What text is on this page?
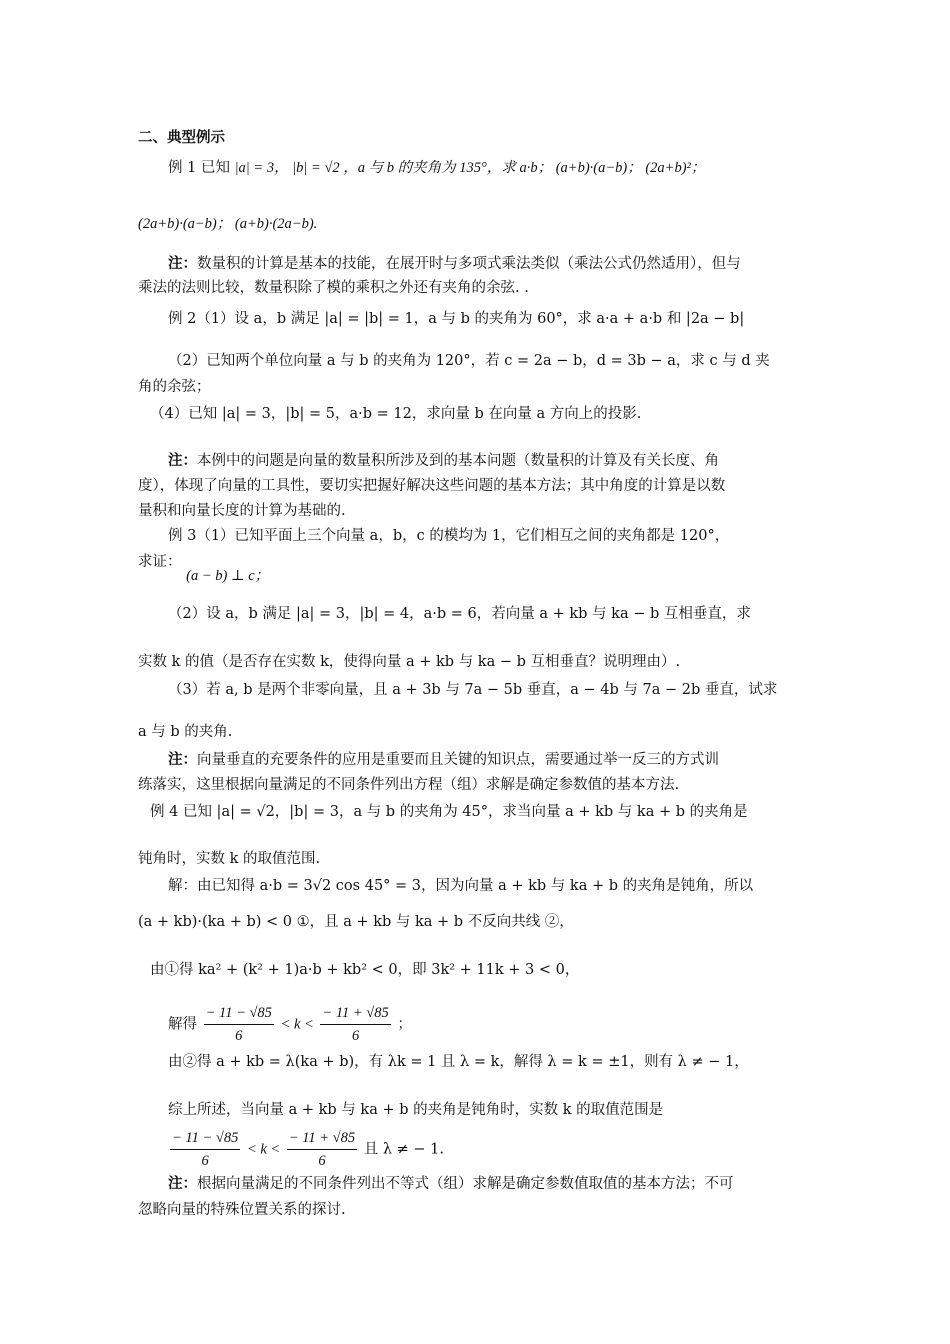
二、典型例示
例 1 已知 |a| = 3， |b| = √2 ，a 与 b 的夹角为 135°，求 a·b； (a+b)·(a−b)； (2a+b)²；
(2a+b)·(a−b)； (a+b)·(2a−b).
注：数量积的计算是基本的技能，在展开时与多项式乘法类似（乘法公式仍然适用），但与
乘法的法则比较，数量积除了模的乘积之外还有夹角的余弦. .
例 2（1）设 a，b 满足 |a| = |b| = 1，a 与 b 的夹角为 60°，求 a·a + a·b 和 |2a − b|
（2）已知两个单位向量 a 与 b 的夹角为 120°，若 c = 2a − b，d = 3b − a，求 c 与 d 夹
角的余弦；
（4）已知 |a| = 3，|b| = 5，a·b = 12，求向量 b 在向量 a 方向上的投影.
注：本例中的问题是向量的数量积所涉及到的基本问题（数量积的计算及有关长度、角
度），体现了向量的工具性，要切实把握好解决这些问题的基本方法；其中角度的计算是以数
量积和向量长度的计算为基础的.
例 3（1）已知平面上三个向量 a，b，c 的模均为 1，它们相互之间的夹角都是 120°，
求证： (a − b) ⊥ c；
（2）设 a，b 满足 |a| = 3，|b| = 4，a·b = 6，若向量 a + kb 与 ka − b 互相垂直，求
实数 k 的值（是否存在实数 k，使得向量 a + kb 与 ka − b 互相垂直？说明理由）.
（3）若 a, b 是两个非零向量，且 a + 3b 与 7a − 5b 垂直，a − 4b 与 7a − 2b 垂直，试求
a 与 b 的夹角.
注：向量垂直的充要条件的应用是重要而且关键的知识点，需要通过举一反三的方式训
练落实，这里根据向量满足的不同条件列出方程（组）求解是确定参数值的基本方法.
例 4 已知 |a| = √2，|b| = 3，a 与 b 的夹角为 45°，求当向量 a + kb 与 ka + b 的夹角是
钝角时，实数 k 的取值范围.
解：由已知得 a·b = 3√2 cos 45° = 3，因为向量 a + kb 与 ka + b 的夹角是钝角，所以
(a + kb)·(ka + b) < 0 ①，且 a + kb 与 ka + b 不反向共线 ②，
由①得 ka² + (k² + 1)a·b + kb² < 0，即 3k² + 11k + 3 < 0，
解得 $\frac{- 11 - √85}{6} < k < \frac{- 11 + √85}{6}$ ；
由②得 a + kb = λ(ka + b)，有 λk = 1 且 λ = k，解得 λ = k = ±1，则有 λ ≠ − 1，
综上所述，当向量 a + kb 与 ka + b 的夹角是钝角时，实数 k 的取值范围是
$\frac{- 11 - √85}{6} < k < \frac{- 11 + √85}{6}$ 且 λ ≠ − 1.
注：根据向量满足的不同条件列出不等式（组）求解是确定参数值取值的基本方法；不可
忽略向量的特殊位置关系的探讨.
